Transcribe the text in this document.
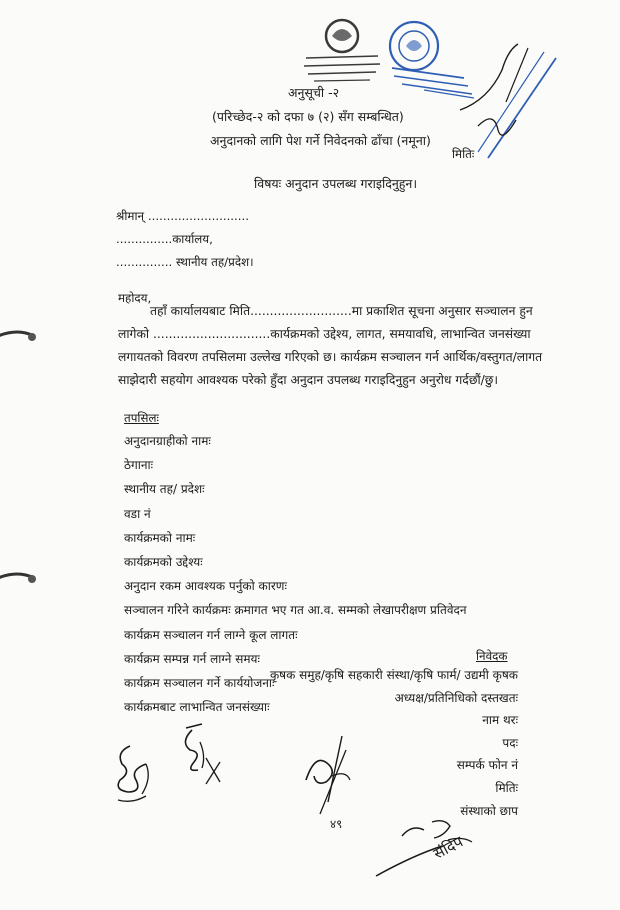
अनुसूची -२
(परिच्छेद-२ को दफा ७ (२) सँग सम्बन्धित)
अनुदानको लागि पेश गर्ने निवेदनको ढाँचा (नमूना)
मितिः
विषयः अनुदान उपलब्ध गराइदिनुहुन।
श्रीमान् ...........................
...............कार्यालय,
............... स्थानीय तह/प्रदेश।
महोदय,
तहाँ कार्यालयबाट मिति..........................मा प्रकाशित सूचना अनुसार सञ्चालन हुन लागेको ..............................कार्यक्रमको उद्देश्य, लागत, समयावधि, लाभान्वित जनसंख्या लगायतको विवरण तपसिलमा उल्लेख गरिएको छ। कार्यक्रम सञ्चालन गर्न आर्थिक/वस्तुगत/लागत साझेदारी सहयोग आवश्यक परेको हुँदा अनुदान उपलब्ध गराइदिनुहुन अनुरोध गर्दछौं/छु।
तपसिलः
अनुदानग्राहीको नामः
ठेगानाः
स्थानीय तह/ प्रदेशः
वडा नं
कार्यक्रमको नामः
कार्यक्रमको उद्देश्यः
अनुदान रकम आवश्यक पर्नुको कारणः
सञ्चालन गरिने कार्यक्रमः क्रमागत भए गत आ.व. सम्मको लेखापरीक्षण प्रतिवेदन
कार्यक्रम सञ्चालन गर्न लाग्ने कूल लागतः
कार्यक्रम सम्पन्न गर्न लाग्ने समयः
कार्यक्रम सञ्चालन गर्ने कार्ययोजनाः
कार्यक्रमबाट लाभान्वित जनसंख्याः
निवेदक
कृषक समुह/कृषि सहकारी संस्था/कृषि फार्म/ उद्यमी कृषक
अध्यक्ष/प्रतिनिधिको दस्तखतः
नाम थरः
पदः
सम्पर्क फोन नं
मितिः
संस्थाको छाप
४९
संदिप
